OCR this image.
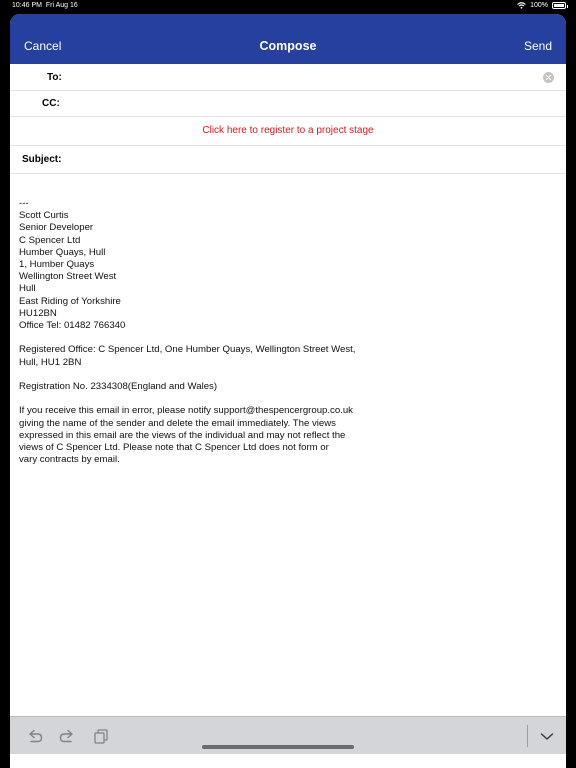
10:46 PM Fri Aug 16	100%
Cancel	Compose	Send
To:
CC:
Click here to register to a project stage
Subject:
---
Scott Curtis
Senior Developer
C Spencer Ltd
Humber Quays, Hull
1, Humber Quays
Wellington Street West
Hull
East Riding of Yorkshire
HU12BN
Office Tel: 01482 766340
Registered Office: C Spencer Ltd, One Humber Quays, Wellington Street West,
Hull, HU1 2BN
Registration No. 2334308(England and Wales)
If you receive this email in error, please notify support@thespencergroup.co.uk
giving the name of the sender and delete the email immediately. The views
expressed in this email are the views of the individual and may not reflect the
views of C Spencer Ltd. Please note that C Spencer Ltd does not form or
vary contracts by email.
